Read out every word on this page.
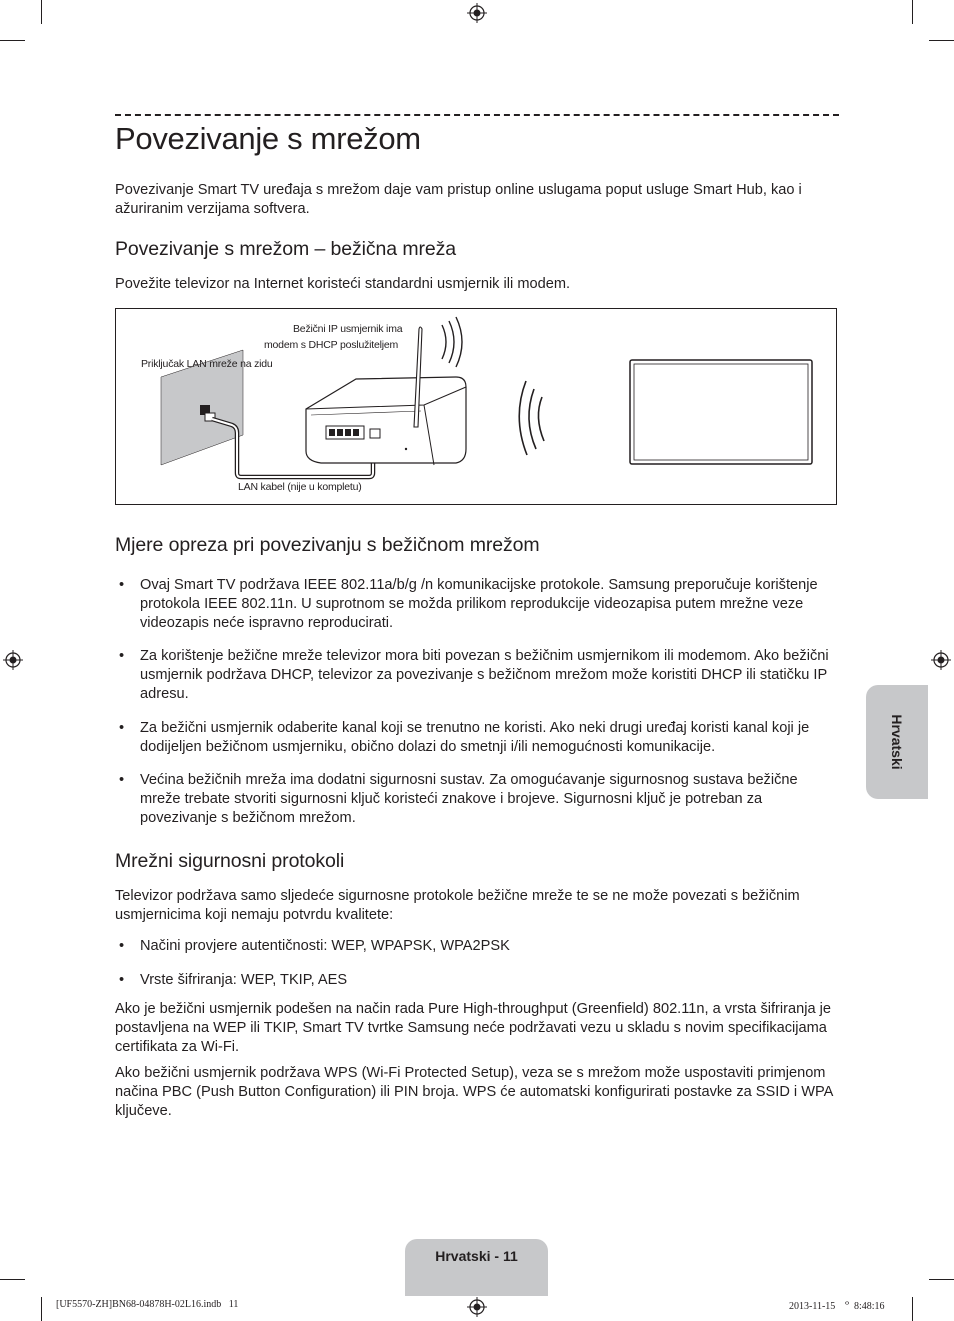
Povezivanje s mrežom

Povezivanje Smart TV uređaja s mrežom daje vam pristup online uslugama poput usluge Smart Hub, kao i ažuriranim verzijama softvera.

Povezivanje s mrežom – bežična mreža

Povežite televizor na Internet koristeći standardni usmjernik ili modem.

Bežični IP usmjernik ima
modem s DHCP poslužiteljem
Priključak LAN mreže na zidu
LAN kabel (nije u kompletu)
Mjere opreza pri povezivanju s bežičnom mrežom
• Ovaj Smart TV podržava IEEE 802.11a/b/g /n komunikacijske protokole. Samsung preporučuje korištenje protokola IEEE 802.11n. U suprotnom se možda prilikom reprodukcije videozapisa putem mrežne veze videozapis neće ispravno reproducirati.
• Za korištenje bežične mreže televizor mora biti povezan s bežičnim usmjernikom ili modemom. Ako bežični usmjernik podržava DHCP, televizor za povezivanje s bežičnom mrežom može koristiti DHCP ili statičku IP adresu.
• Za bežični usmjernik odaberite kanal koji se trenutno ne koristi. Ako neki drugi uređaj koristi kanal koji je dodijeljen bežičnom usmjerniku, obično dolazi do smetnji i/ili nemogućnosti komunikacije.
• Većina bežičnih mreža ima dodatni sigurnosni sustav. Za omogućavanje sigurnosnog sustava bežične mreže trebate stvoriti sigurnosni ključ koristeći znakove i brojeve. Sigurnosni ključ je potreban za povezivanje s bežičnom mrežom.
Mrežni sigurnosni protokoli

Televizor podržava samo sljedeće sigurnosne protokole bežične mreže te se ne može povezati s bežičnim usmjernicima koji nemaju potvrdu kvalitete:

• Načini provjere autentičnosti: WEP, WPAPSK, WPA2PSK
• Vrste šifriranja: WEP, TKIP, AES

Ako je bežični usmjernik podešen na način rada Pure High-throughput (Greenfield) 802.11n, a vrsta šifriranja je postavljena na WEP ili TKIP, Smart TV tvrtke Samsung neće podržavati vezu u skladu s novim specifikacijama certifikata za Wi-Fi.

Ako bežični usmjernik podržava WPS (Wi-Fi Protected Setup), veza se s mrežom može uspostaviti primjenom načina PBC (Push Button Configuration) ili PIN broja. WPS će automatski konfigurirati postavke za SSID i WPA ključeve.

Hrvatski
Hrvatski - 11
[UF5570-ZH]BN68-04878H-02L16.indb   11	2013-11-15   ᄋ 8:48:16
